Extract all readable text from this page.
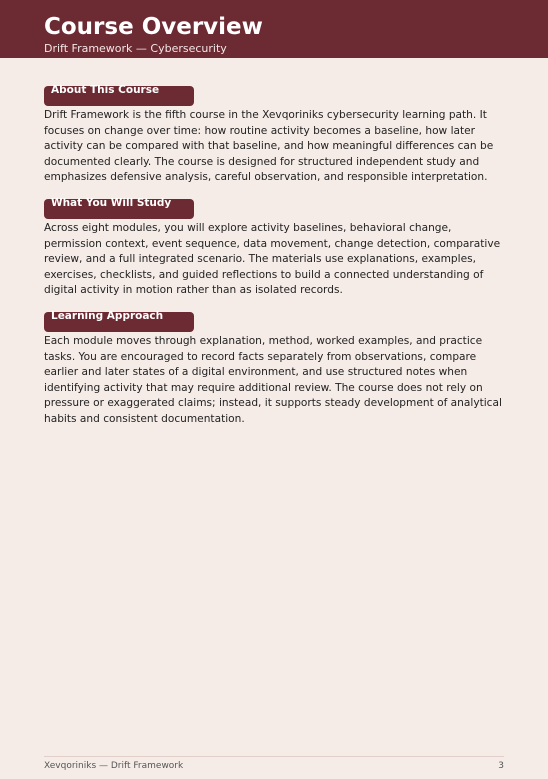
Course Overview
Drift Framework — Cybersecurity
About This Course

Drift Framework is the fifth course in the Xevqoriniks cybersecurity learning path. It focuses on change over time: how routine activity becomes a baseline, how later activity can be compared with that baseline, and how meaningful differences can be documented clearly. The course is designed for structured independent study and emphasizes defensive analysis, careful observation, and responsible interpretation.

What You Will Study

Across eight modules, you will explore activity baselines, behavioral change, permission context, event sequence, data movement, change detection, comparative review, and a full integrated scenario. The materials use explanations, examples, exercises, checklists, and guided reflections to build a connected understanding of digital activity in motion rather than as isolated records.

Learning Approach

Each module moves through explanation, method, worked examples, and practice tasks. You are encouraged to record facts separately from observations, compare earlier and later states of a digital environment, and use structured notes when identifying activity that may require additional review. The course does not rely on pressure or exaggerated claims; instead, it supports steady development of analytical habits and consistent documentation.

Xevqoriniks — Drift Framework	3
